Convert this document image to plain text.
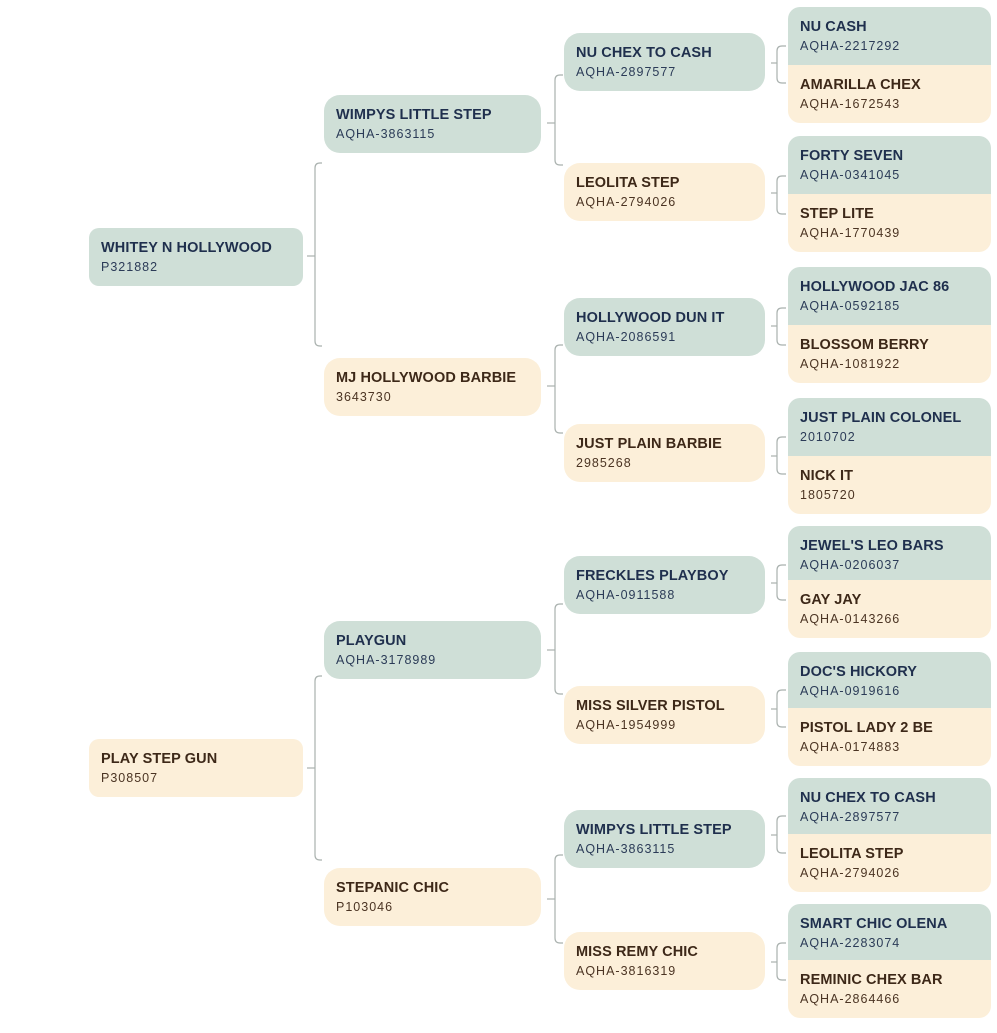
WHITEY N HOLLYWOOD
P321882
WIMPYS LITTLE STEP
AQHA-3863115
MJ HOLLYWOOD BARBIE
3643730
NU CHEX TO CASH
AQHA-2897577
LEOLITA STEP
AQHA-2794026
HOLLYWOOD DUN IT
AQHA-2086591
JUST PLAIN BARBIE
2985268
NU CASH
AQHA-2217292
AMARILLA CHEX
AQHA-1672543
FORTY SEVEN
AQHA-0341045
STEP LITE
AQHA-1770439
HOLLYWOOD JAC 86
AQHA-0592185
BLOSSOM BERRY
AQHA-1081922
JUST PLAIN COLONEL
2010702
NICK IT
1805720
PLAY STEP GUN
P308507
PLAYGUN
AQHA-3178989
STEPANIC CHIC
P103046
FRECKLES PLAYBOY
AQHA-0911588
MISS SILVER PISTOL
AQHA-1954999
WIMPYS LITTLE STEP
AQHA-3863115
MISS REMY CHIC
AQHA-3816319
JEWEL'S LEO BARS
AQHA-0206037
GAY JAY
AQHA-0143266
DOC'S HICKORY
AQHA-0919616
PISTOL LADY 2 BE
AQHA-0174883
NU CHEX TO CASH
AQHA-2897577
LEOLITA STEP
AQHA-2794026
SMART CHIC OLENA
AQHA-2283074
REMINIC CHEX BAR
AQHA-2864466
